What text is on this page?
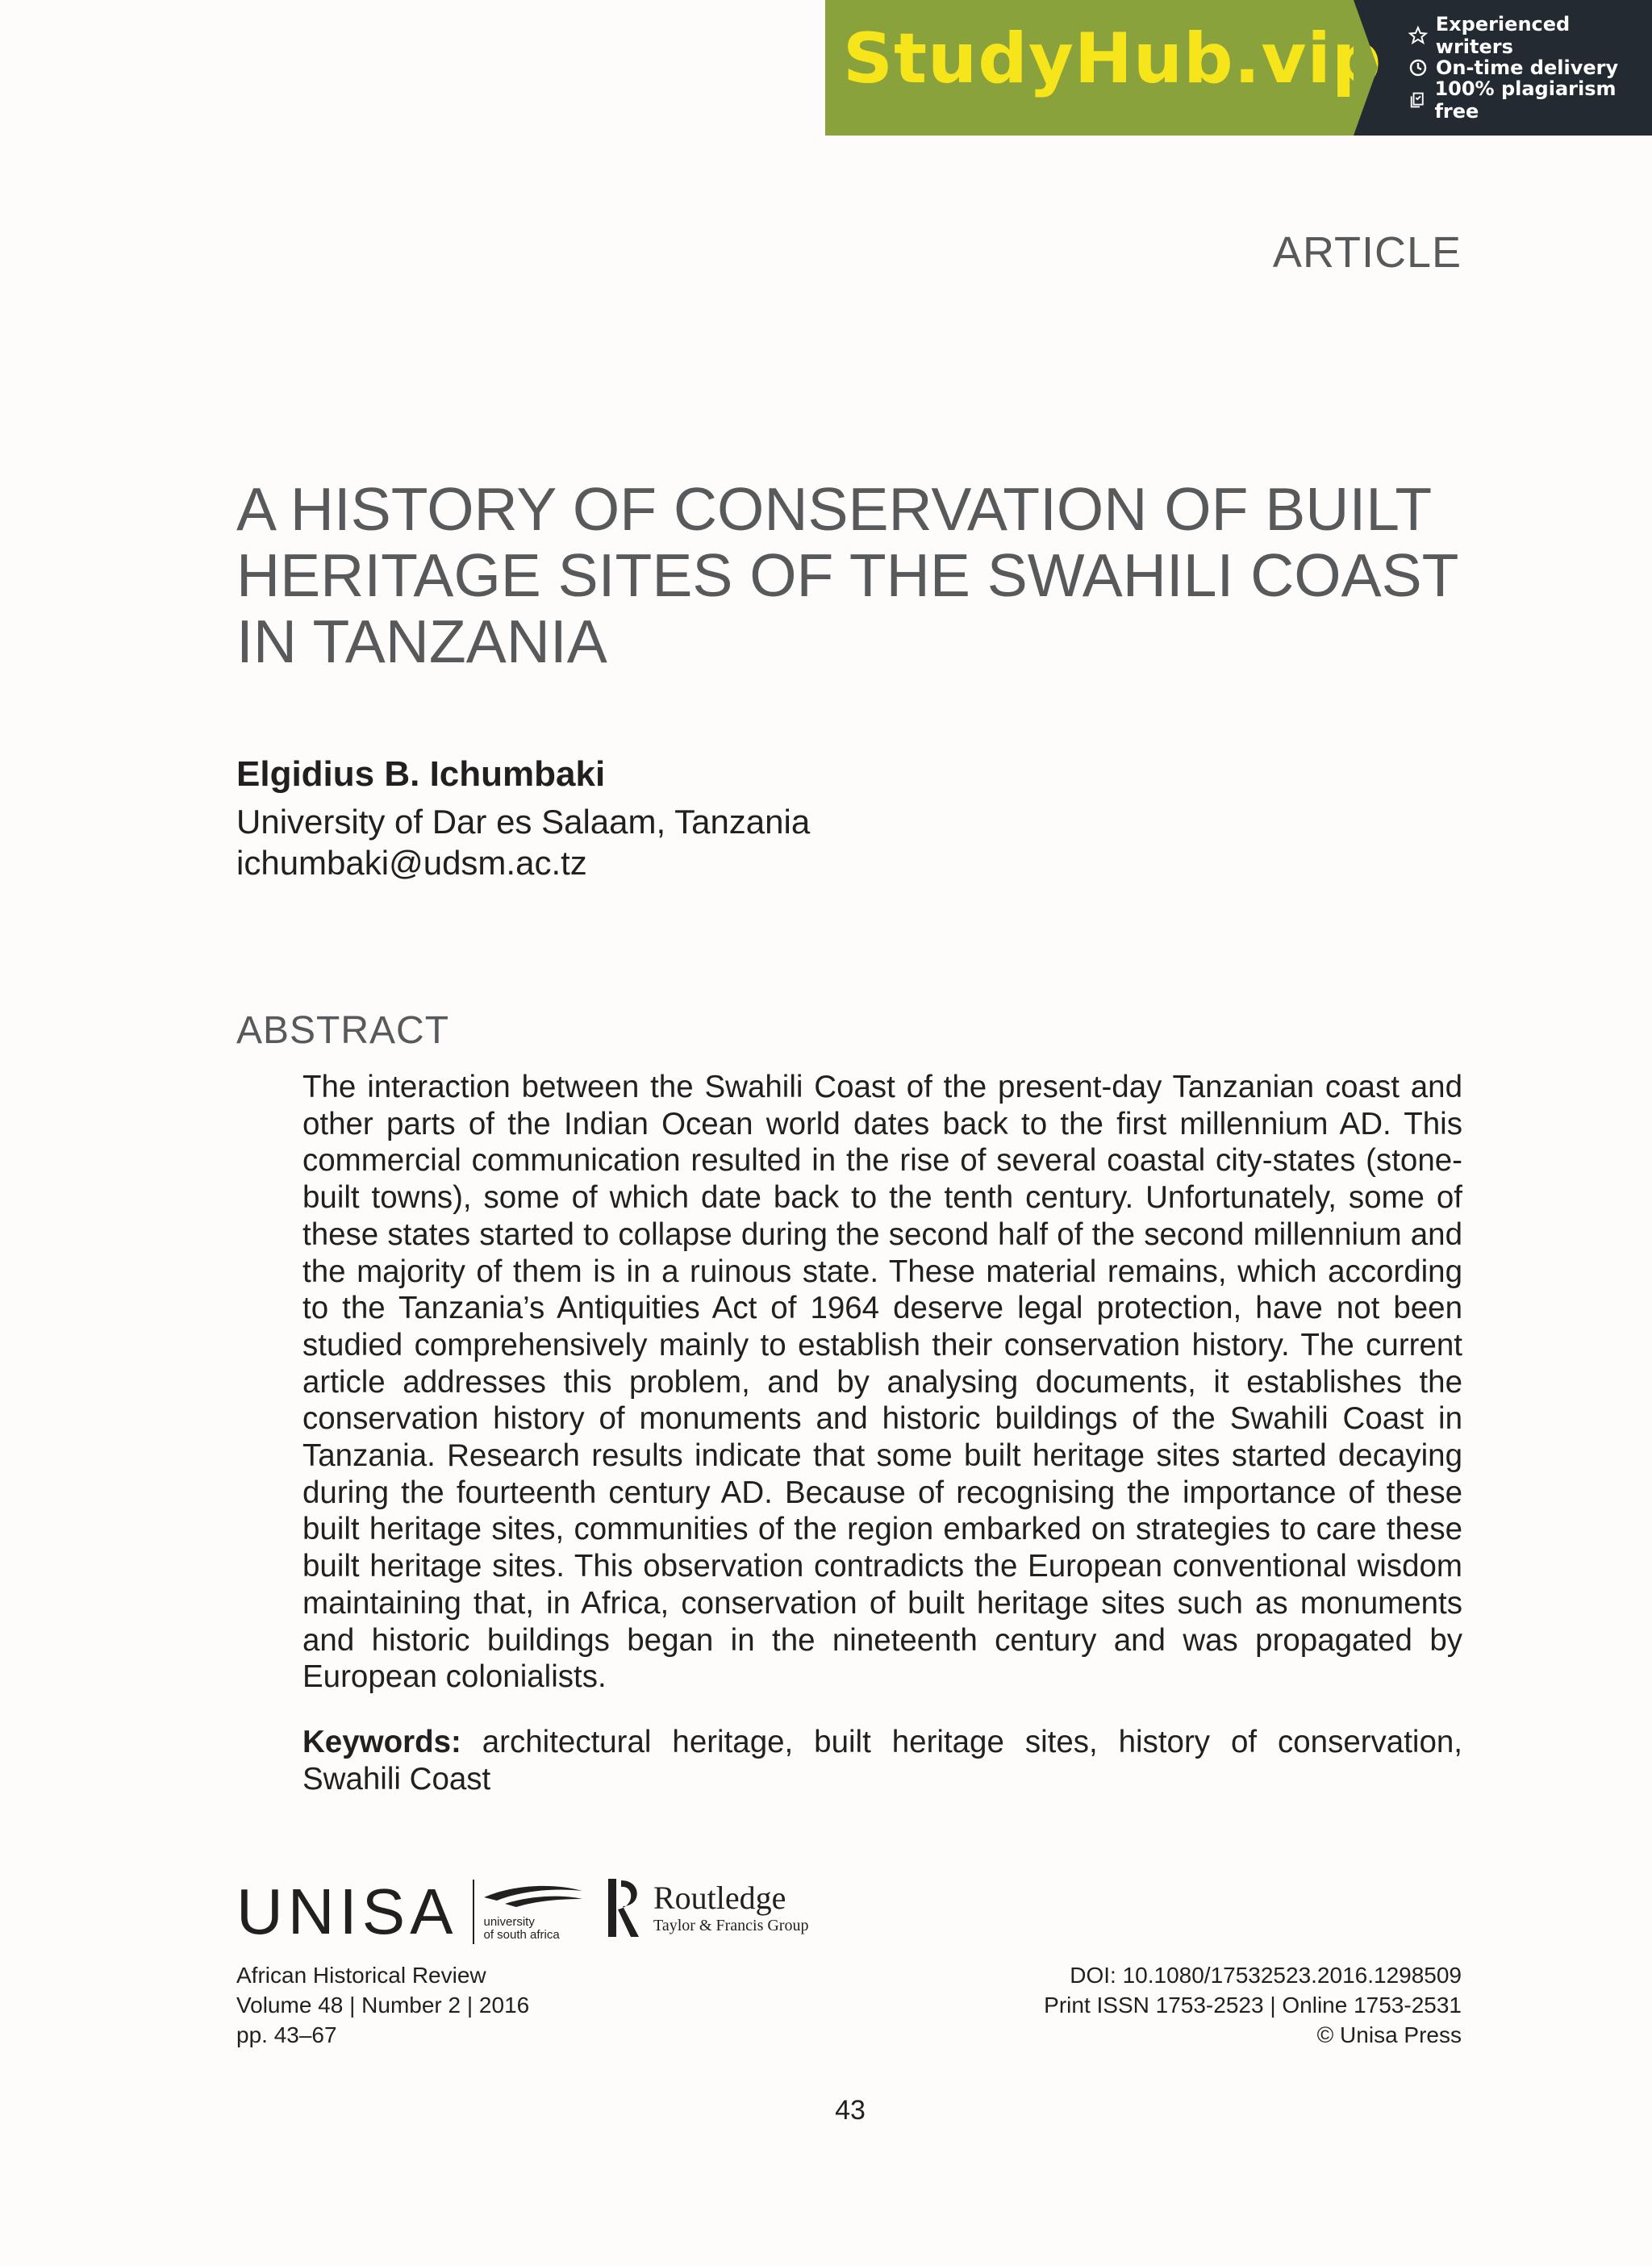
StudyHub.vip	Experienced writers
On-time delivery
100% plagiarism free
ARTICLE
A HISTORY OF CONSERVATION OF BUILT HERITAGE SITES OF THE SWAHILI COAST IN TANZANIA
Elgidius B. Ichumbaki
University of Dar es Salaam, Tanzania
ichumbaki@udsm.ac.tz
ABSTRACT

The interaction between the Swahili Coast of the present-day Tanzanian coast and other parts of the Indian Ocean world dates back to the first millennium AD. This commercial communication resulted in the rise of several coastal city-states (stone-built towns), some of which date back to the tenth century. Unfortunately, some of these states started to collapse during the second half of the second millennium and the majority of them is in a ruinous state. These material remains, which according to the Tanzania’s Antiquities Act of 1964 deserve legal protection, have not been studied comprehensively mainly to establish their conservation history. The current article addresses this problem, and by analysing documents, it establishes the conservation history of monuments and historic buildings of the Swahili Coast in Tanzania. Research results indicate that some built heritage sites started decaying during the fourteenth century AD. Because of recognising the importance of these built heritage sites, communities of the region embarked on strategies to care these built heritage sites. This observation contradicts the European conventional wisdom maintaining that, in Africa, conservation of built heritage sites such as monuments and historic buildings began in the nineteenth century and was propagated by European colonialists.

Keywords: architectural heritage, built heritage sites, history of conservation, Swahili Coast

UNISA university
of south africa
Routledge
Taylor & Francis Group
African Historical Review
Volume 48 | Number 2 | 2016
pp. 43–67
DOI: 10.1080/17532523.2016.1298509
Print ISSN 1753-2523 | Online 1753-2531
© Unisa Press
43
